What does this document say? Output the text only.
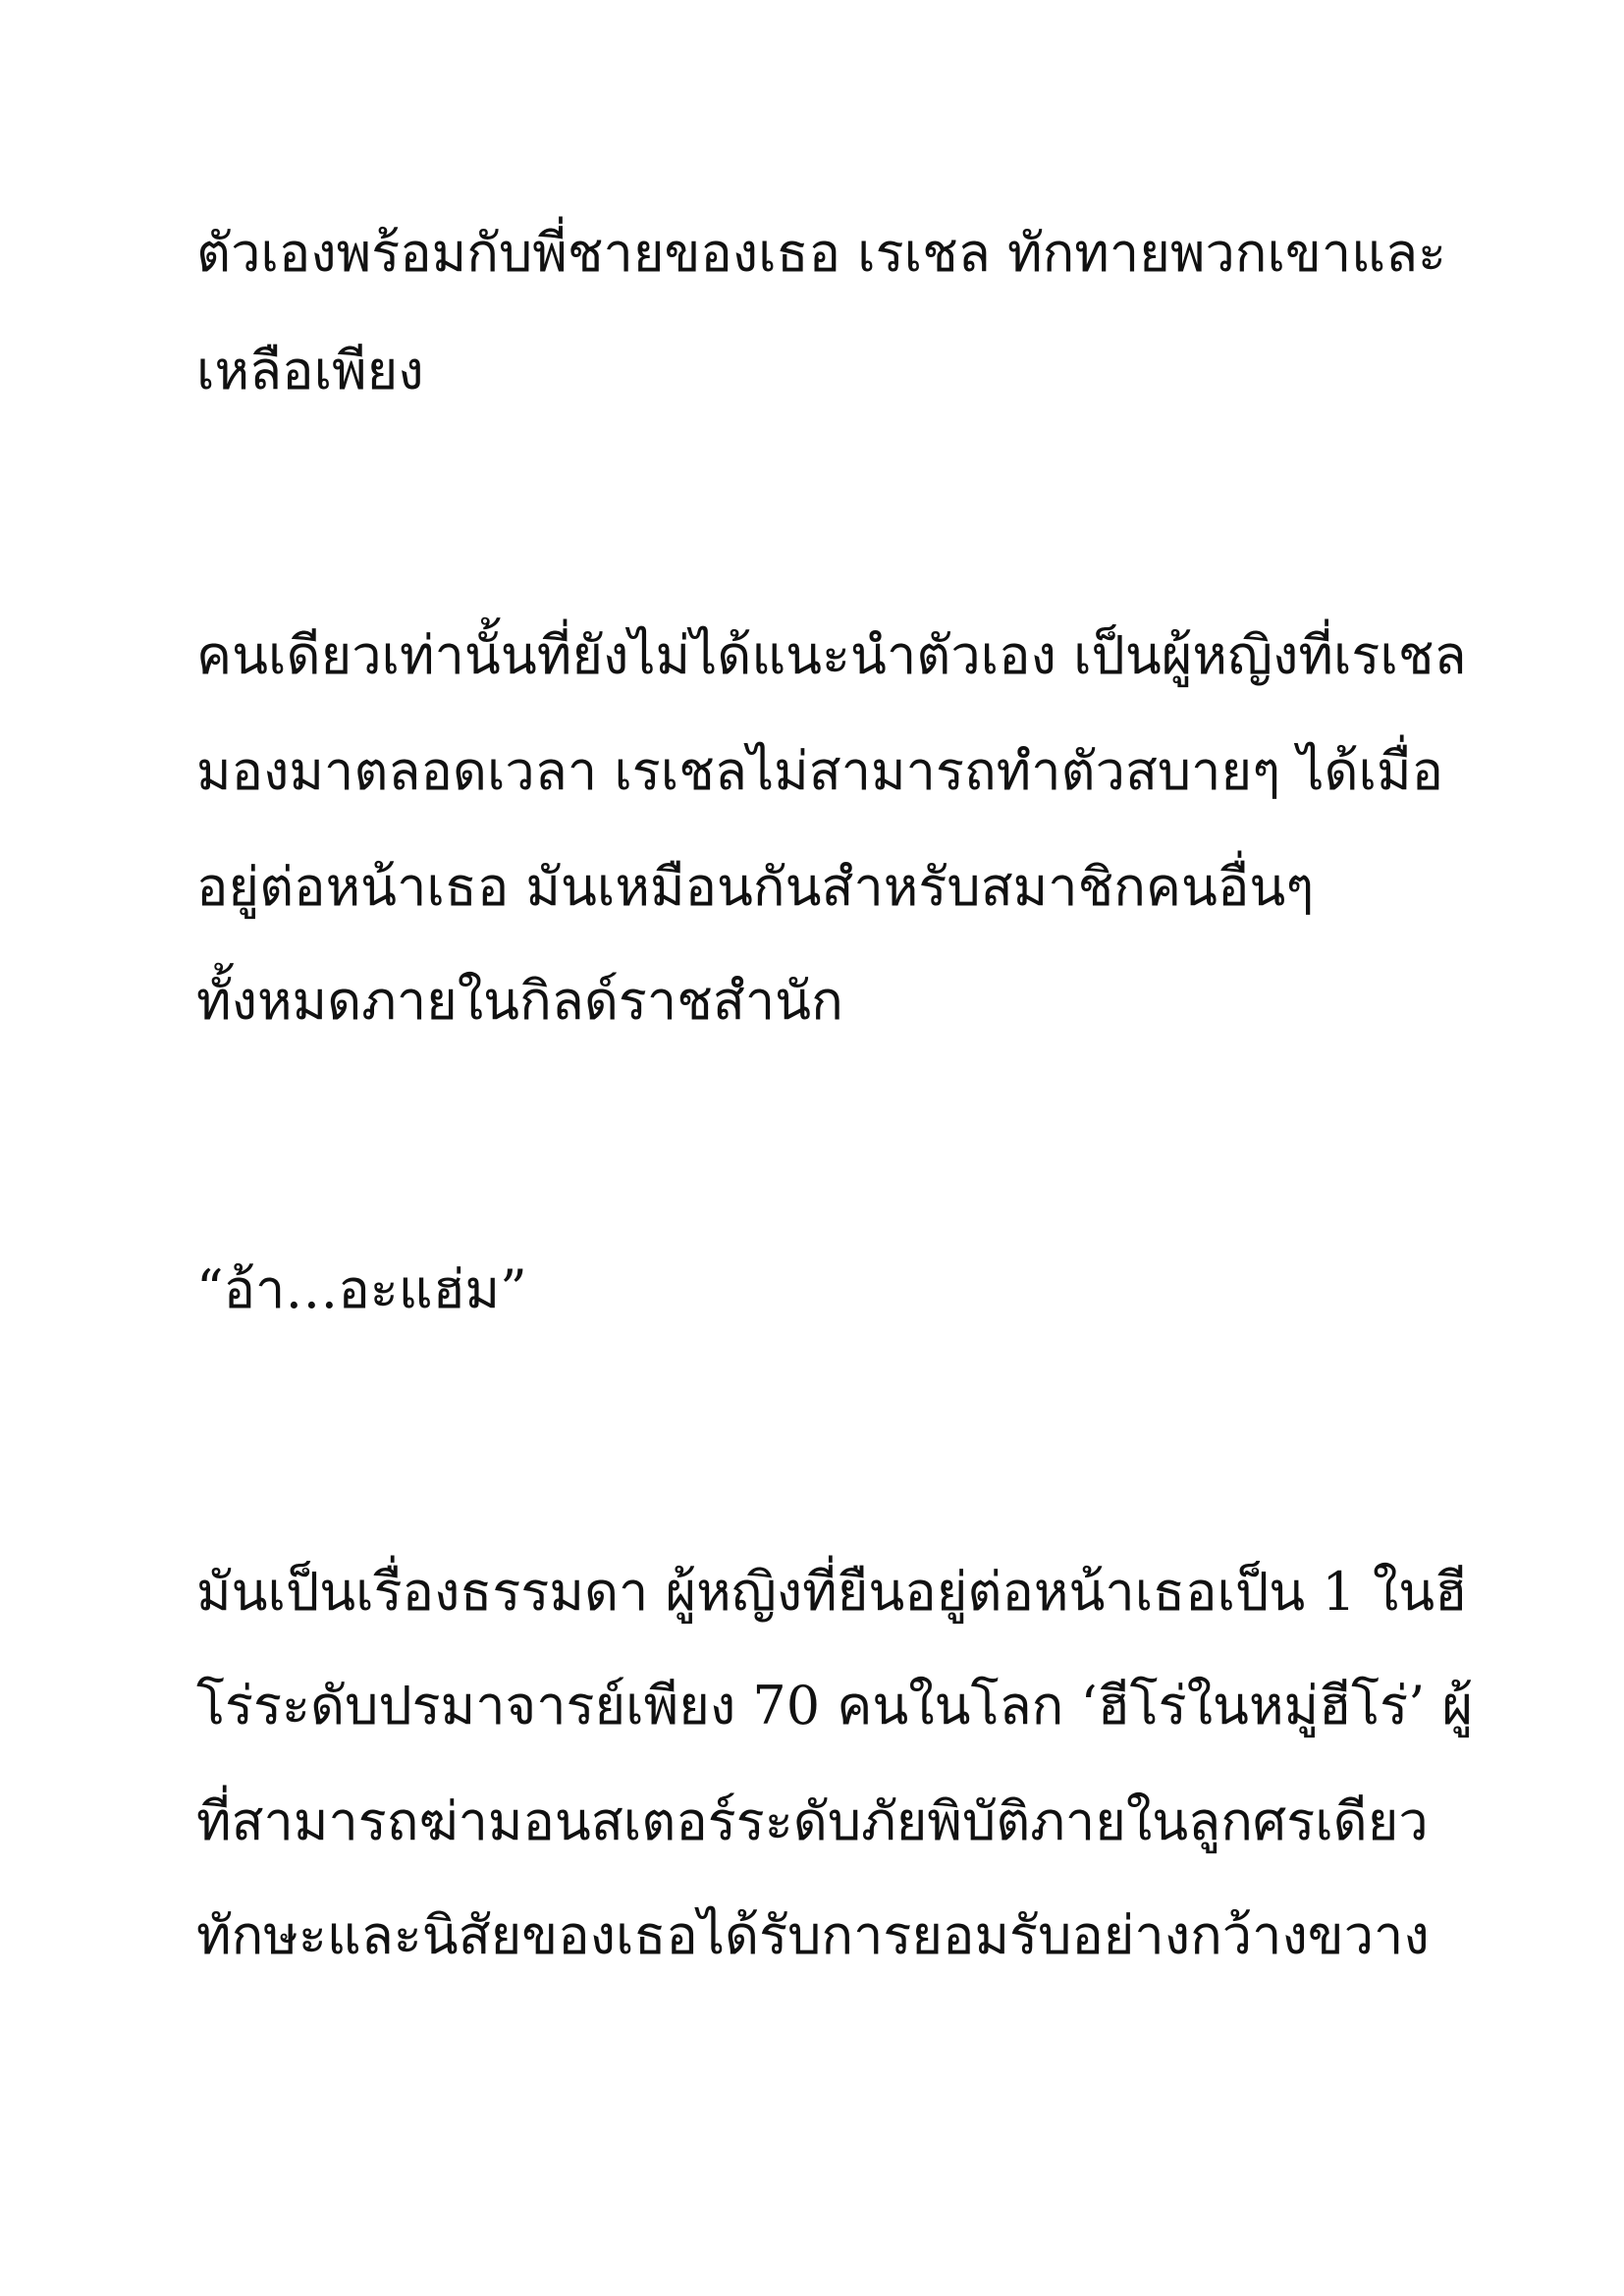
ตัวเองพร้อมกับพี่ชายของเธอ เรเชล ทักทายพวกเขาและ
เหลือเพียง
คนเดียวเท่านั้นที่ยังไม่ได้แนะนำตัวเอง เป็นผู้หญิงที่เรเชล
มองมาตลอดเวลา เรเชลไม่สามารถทำตัวสบายๆ ได้เมื่อ
อยู่ต่อหน้าเธอ มันเหมือนกันสำหรับสมาชิกคนอื่นๆ
ทั้งหมดภายในกิลด์ราชสำนัก
“อ้า…อะแฮ่ม”
มันเป็นเรื่องธรรมดา ผู้หญิงที่ยืนอยู่ต่อหน้าเธอเป็น 1 ในฮี
โร่ระดับปรมาจารย์เพียง 70 คนในโลก ‘ฮีโร่ในหมู่ฮีโร่’ ผู้
ที่สามารถฆ่ามอนสเตอร์ระดับภัยพิบัติภายในลูกศรเดียว
ทักษะและนิสัยของเธอได้รับการยอมรับอย่างกว้างขวาง
